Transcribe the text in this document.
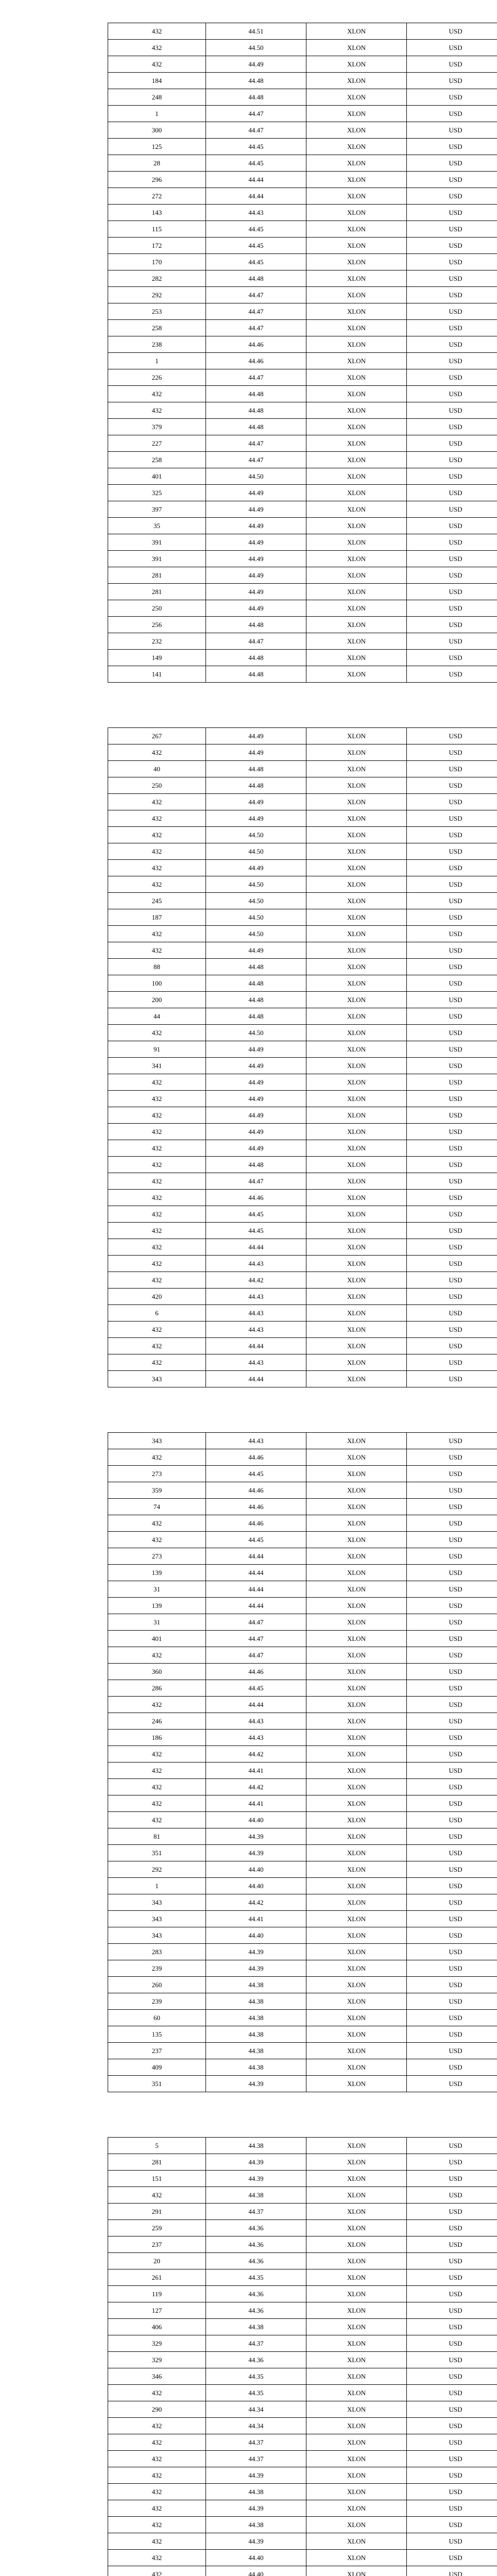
432	44.51	XLON	USD
432	44.50	XLON	USD
432	44.49	XLON	USD
184	44.48	XLON	USD
248	44.48	XLON	USD
1	44.47	XLON	USD
300	44.47	XLON	USD
125	44.45	XLON	USD
28	44.45	XLON	USD
296	44.44	XLON	USD
272	44.44	XLON	USD
143	44.43	XLON	USD
115	44.45	XLON	USD
172	44.45	XLON	USD
170	44.45	XLON	USD
282	44.48	XLON	USD
292	44.47	XLON	USD
253	44.47	XLON	USD
258	44.47	XLON	USD
238	44.46	XLON	USD
1	44.46	XLON	USD
226	44.47	XLON	USD
432	44.48	XLON	USD
432	44.48	XLON	USD
379	44.48	XLON	USD
227	44.47	XLON	USD
258	44.47	XLON	USD
401	44.50	XLON	USD
325	44.49	XLON	USD
397	44.49	XLON	USD
35	44.49	XLON	USD
391	44.49	XLON	USD
391	44.49	XLON	USD
281	44.49	XLON	USD
281	44.49	XLON	USD
250	44.49	XLON	USD
256	44.48	XLON	USD
232	44.47	XLON	USD
149	44.48	XLON	USD
141	44.48	XLON	USD
267	44.49	XLON	USD
432	44.49	XLON	USD
40	44.48	XLON	USD
250	44.48	XLON	USD
432	44.49	XLON	USD
432	44.49	XLON	USD
432	44.50	XLON	USD
432	44.50	XLON	USD
432	44.49	XLON	USD
432	44.50	XLON	USD
245	44.50	XLON	USD
187	44.50	XLON	USD
432	44.50	XLON	USD
432	44.49	XLON	USD
88	44.48	XLON	USD
100	44.48	XLON	USD
200	44.48	XLON	USD
44	44.48	XLON	USD
432	44.50	XLON	USD
91	44.49	XLON	USD
341	44.49	XLON	USD
432	44.49	XLON	USD
432	44.49	XLON	USD
432	44.49	XLON	USD
432	44.49	XLON	USD
432	44.49	XLON	USD
432	44.48	XLON	USD
432	44.47	XLON	USD
432	44.46	XLON	USD
432	44.45	XLON	USD
432	44.45	XLON	USD
432	44.44	XLON	USD
432	44.43	XLON	USD
432	44.42	XLON	USD
420	44.43	XLON	USD
6	44.43	XLON	USD
432	44.43	XLON	USD
432	44.44	XLON	USD
432	44.43	XLON	USD
343	44.44	XLON	USD
343	44.43	XLON	USD
432	44.46	XLON	USD
273	44.45	XLON	USD
359	44.46	XLON	USD
74	44.46	XLON	USD
432	44.46	XLON	USD
432	44.45	XLON	USD
273	44.44	XLON	USD
139	44.44	XLON	USD
31	44.44	XLON	USD
139	44.44	XLON	USD
31	44.47	XLON	USD
401	44.47	XLON	USD
432	44.47	XLON	USD
360	44.46	XLON	USD
286	44.45	XLON	USD
432	44.44	XLON	USD
246	44.43	XLON	USD
186	44.43	XLON	USD
432	44.42	XLON	USD
432	44.41	XLON	USD
432	44.42	XLON	USD
432	44.41	XLON	USD
432	44.40	XLON	USD
81	44.39	XLON	USD
351	44.39	XLON	USD
292	44.40	XLON	USD
1	44.40	XLON	USD
343	44.42	XLON	USD
343	44.41	XLON	USD
343	44.40	XLON	USD
283	44.39	XLON	USD
239	44.39	XLON	USD
260	44.38	XLON	USD
239	44.38	XLON	USD
60	44.38	XLON	USD
135	44.38	XLON	USD
237	44.38	XLON	USD
409	44.38	XLON	USD
351	44.39	XLON	USD
5	44.38	XLON	USD
281	44.39	XLON	USD
151	44.39	XLON	USD
432	44.38	XLON	USD
291	44.37	XLON	USD
259	44.36	XLON	USD
237	44.36	XLON	USD
20	44.36	XLON	USD
261	44.35	XLON	USD
119	44.36	XLON	USD
127	44.36	XLON	USD
406	44.38	XLON	USD
329	44.37	XLON	USD
329	44.36	XLON	USD
346	44.35	XLON	USD
432	44.35	XLON	USD
290	44.34	XLON	USD
432	44.34	XLON	USD
432	44.37	XLON	USD
432	44.37	XLON	USD
432	44.39	XLON	USD
432	44.38	XLON	USD
432	44.39	XLON	USD
432	44.38	XLON	USD
432	44.39	XLON	USD
432	44.40	XLON	USD
432	44.40	XLON	USD
